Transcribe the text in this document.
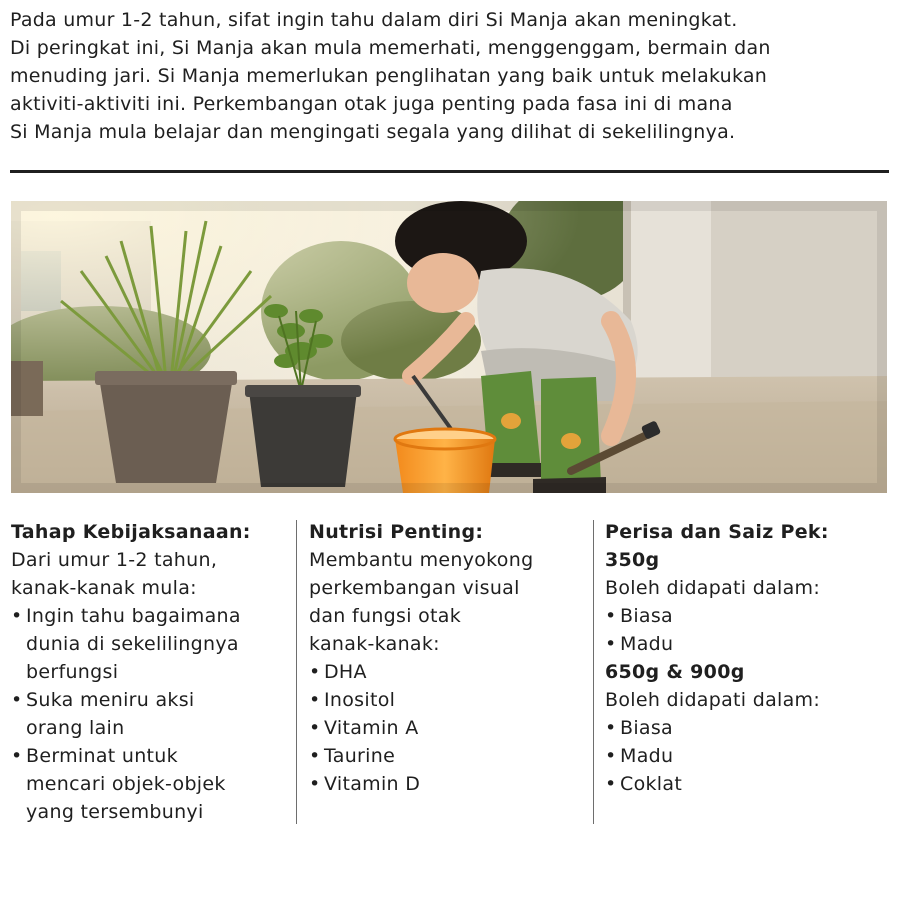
Pada umur 1-2 tahun, sifat ingin tahu dalam diri Si Manja akan meningkat.
Di peringkat ini, Si Manja akan mula memerhati, menggenggam, bermain dan
menuding jari. Si Manja memerlukan penglihatan yang baik untuk melakukan
aktiviti-aktiviti ini. Perkembangan otak juga penting pada fasa ini di mana
Si Manja mula belajar dan mengingati segala yang dilihat di sekelilingnya.
Tahap Kebijaksanaan:
Dari umur 1-2 tahun,
kanak-kanak mula:
• Ingin tahu bagaimana
dunia di sekelilingnya
berfungsi
• Suka meniru aksi
orang lain
• Berminat untuk
mencari objek-objek
yang tersembunyi
Nutrisi Penting:
Membantu menyokong
perkembangan visual
dan fungsi otak
kanak-kanak:
• DHA
• Inositol
• Vitamin A
• Taurine
• Vitamin D
Perisa dan Saiz Pek:
350g
Boleh didapati dalam:
• Biasa
• Madu
650g & 900g
Boleh didapati dalam:
• Biasa
• Madu
• Coklat
